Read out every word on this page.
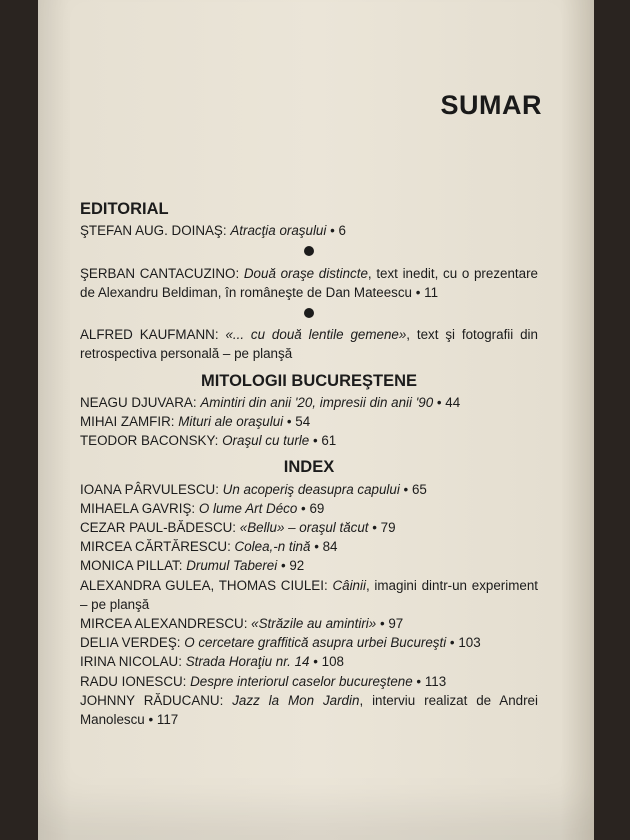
SUMAR
EDITORIAL

ŞTEFAN AUG. DOINAŞ: Atracţia oraşului • 6

ŞERBAN CANTACUZINO: Două oraşe distincte, text inedit, cu o prezentare de Alexandru Beldiman, în româneşte de Dan Mateescu • 11

ALFRED KAUFMANN: «... cu două lentile gemene», text şi fotografii din retrospectiva personală – pe planşă

MITOLOGII BUCUREŞTENE

NEAGU DJUVARA: Amintiri din anii '20, impresii din anii '90 • 44

MIHAI ZAMFIR: Mituri ale oraşului • 54

TEODOR BACONSKY: Oraşul cu turle • 61

INDEX

IOANA PÂRVULESCU: Un acoperiş deasupra capului • 65

MIHAELA GAVRIŞ: O lume Art Déco • 69

CEZAR PAUL-BĂDESCU: «Bellu» – oraşul tăcut • 79

MIRCEA CĂRTĂRESCU: Colea,-n tină • 84

MONICA PILLAT: Drumul Taberei • 92

ALEXANDRA GULEA, THOMAS CIULEI: Câinii, imagini dintr-un experiment – pe planşă

MIRCEA ALEXANDRESCU: «Străzile au amintiri» • 97

DELIA VERDEŞ: O cercetare graffitică asupra urbei Bucureşti • 103

IRINA NICOLAU: Strada Horaţiu nr. 14 • 108

RADU IONESCU: Despre interiorul caselor bucureştene • 113

JOHNNY RĂDUCANU: Jazz la Mon Jardin, interviu realizat de Andrei Manolescu • 117
